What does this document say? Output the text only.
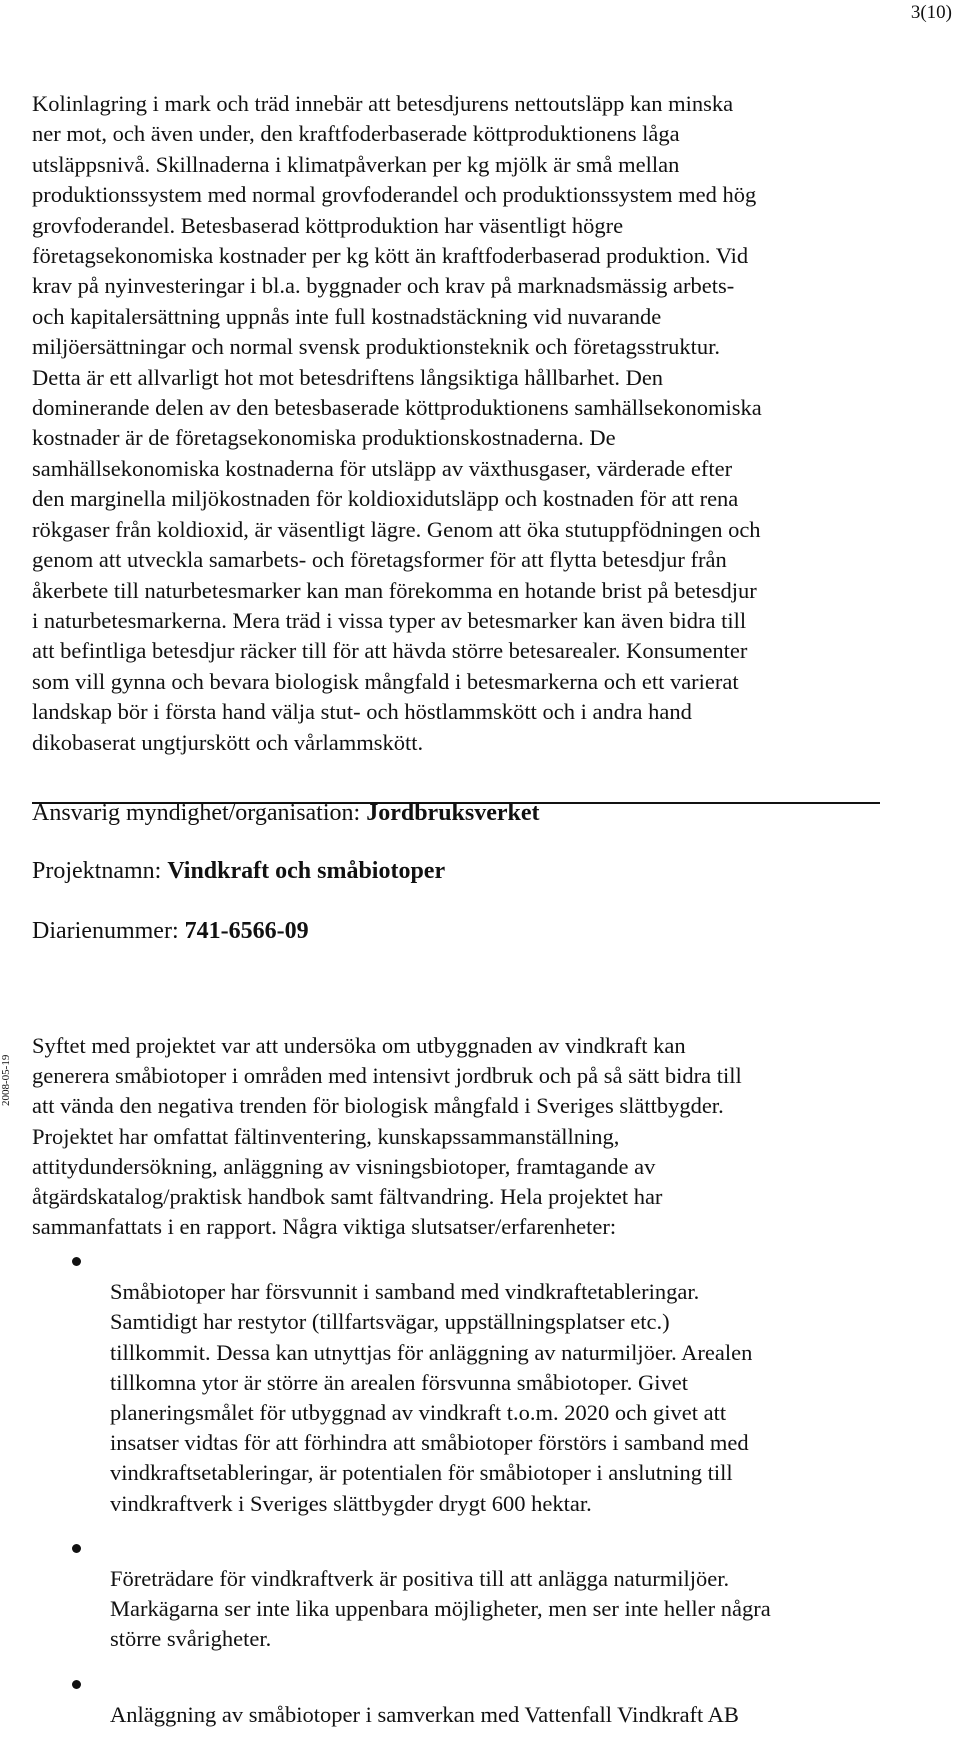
3(10)

Kolinlagring i mark och träd innebär att betesdjurens nettoutsläpp kan minska
ner mot, och även under, den kraftfoderbaserade köttproduktionens låga
utsläppsnivå. Skillnaderna i klimatpåverkan per kg mjölk är små mellan
produktionssystem med normal grovfoderandel och produktionssystem med hög
grovfoderandel. Betesbaserad köttproduktion har väsentligt högre
företagsekonomiska kostnader per kg kött än kraftfoderbaserad produktion. Vid
krav på nyinvesteringar i bl.a. byggnader och krav på marknadsmässig arbets-
och kapitalersättning uppnås inte full kostnadstäckning vid nuvarande
miljöersättningar och normal svensk produktionsteknik och företagsstruktur.
Detta är ett allvarligt hot mot betesdriftens långsiktiga hållbarhet. Den
dominerande delen av den betesbaserade köttproduktionens samhällsekonomiska
kostnader är de företagsekonomiska produktionskostnaderna. De
samhällsekonomiska kostnaderna för utsläpp av växthusgaser, värderade efter
den marginella miljökostnaden för koldioxidutsläpp och kostnaden för att rena
rökgaser från koldioxid, är väsentligt lägre. Genom att öka stutuppfödningen och
genom att utveckla samarbets- och företagsformer för att flytta betesdjur från
åkerbete till naturbetesmarker kan man förekomma en hotande brist på betesdjur
i naturbetesmarkerna. Mera träd i vissa typer av betesmarker kan även bidra till
att befintliga betesdjur räcker till för att hävda större betesarealer. Konsumenter
som vill gynna och bevara biologisk mångfald i betesmarkerna och ett varierat
landskap bör i första hand välja stut- och höstlammskött och i andra hand
dikobaserat ungtjurskött och vårlammskött.

Ansvarig myndighet/organisation: Jordbruksverket
Projektnamn: Vindkraft och småbiotoper
Diarienummer: 741-6566-09
2008-05-19

Syftet med projektet var att undersöka om utbyggnaden av vindkraft kan
generera småbiotoper i områden med intensivt jordbruk och på så sätt bidra till
att vända den negativa trenden för biologisk mångfald i Sveriges slättbygder.
Projektet har omfattat fältinventering, kunskapssammanställning,
attitydundersökning, anläggning av visningsbiotoper, framtagande av
åtgärdskatalog/praktisk handbok samt fältvandring. Hela projektet har
sammanfattats i en rapport. Några viktiga slutsatser/erfarenheter:

Småbiotoper har försvunnit i samband med vindkraftetableringar.
Samtidigt har restytor (tillfartsvägar, uppställningsplatser etc.)
tillkommit. Dessa kan utnyttjas för anläggning av naturmiljöer. Arealen
tillkomna ytor är större än arealen försvunna småbiotoper. Givet
planeringsmålet för utbyggnad av vindkraft t.o.m. 2020 och givet att
insatser vidtas för att förhindra att småbiotoper förstörs i samband med
vindkraftsetableringar, är potentialen för småbiotoper i anslutning till
vindkraftverk i Sveriges slättbygder drygt 600 hektar.

Företrädare för vindkraftverk är positiva till att anlägga naturmiljöer.
Markägarna ser inte lika uppenbara möjligheter, men ser inte heller några
större svårigheter.

Anläggning av småbiotoper i samverkan med Vattenfall Vindkraft AB
